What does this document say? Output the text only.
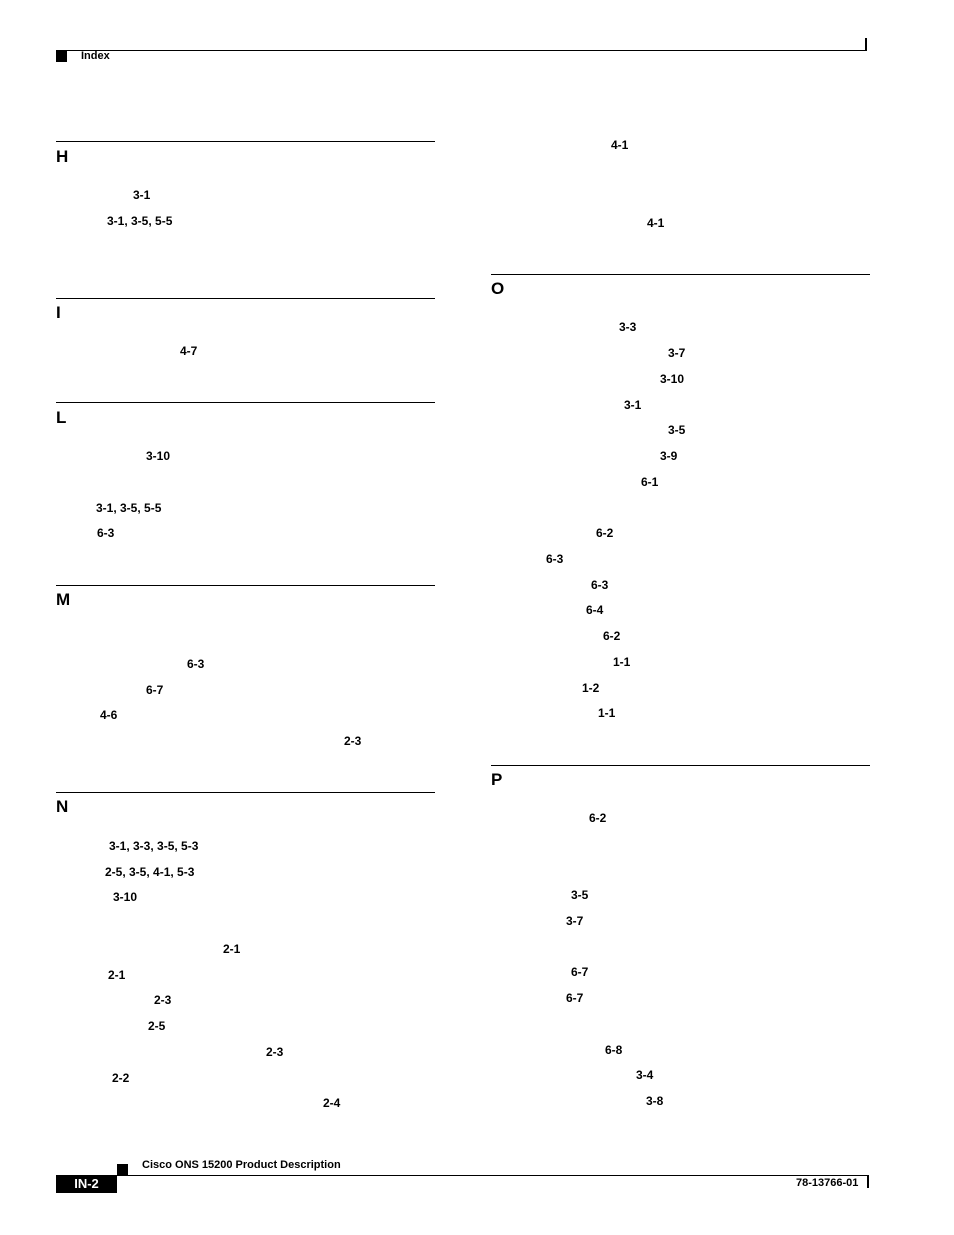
Index
H
3-1
3-1, 3-5, 5-5
I
4-7
L
3-10
3-1, 3-5, 5-5
6-3
M
6-3
6-7
4-6
2-3
N
3-1, 3-3, 3-5, 5-3
2-5, 3-5, 4-1, 5-3
3-10
2-1
2-1
2-3
2-5
2-3
2-2
2-4
4-1
4-1
O
3-3
3-7
3-10
3-1
3-5
3-9
6-1
6-2
6-3
6-3
6-4
6-2
1-1
1-2
1-1
P
6-2
3-5
3-7
6-7
6-7
6-8
3-4
3-8
Cisco ONS 15200 Product Description
IN-2	78-13766-01
